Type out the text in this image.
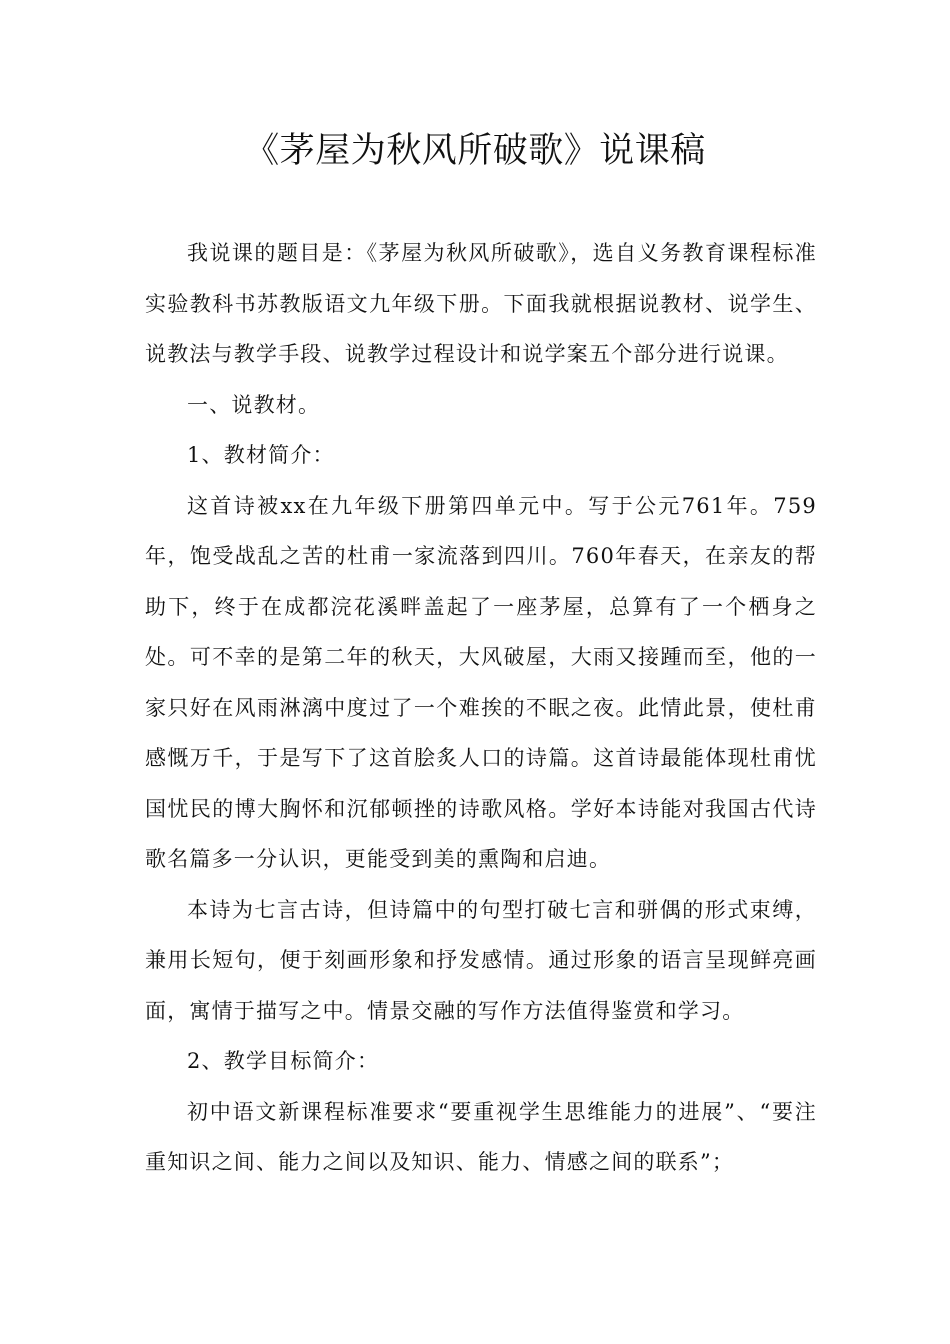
《茅屋为秋风所破歌》说课稿

我说课的题目是：《茅屋为秋风所破歌》，选自义务教育课程标准实验教科书苏教版语文九年级下册。下面我就根据说教材、说学生、说教法与教学手段、说教学过程设计和说学案五个部分进行说课。

一、说教材。

1、教材简介：

这首诗被xx在九年级下册第四单元中。写于公元761年。759年，饱受战乱之苦的杜甫一家流落到四川。760年春天，在亲友的帮助下，终于在成都浣花溪畔盖起了一座茅屋，总算有了一个栖身之处。可不幸的是第二年的秋天，大风破屋，大雨又接踵而至，他的一家只好在风雨淋漓中度过了一个难挨的不眠之夜。此情此景，使杜甫感慨万千，于是写下了这首脍炙人口的诗篇。这首诗最能体现杜甫忧国忧民的博大胸怀和沉郁顿挫的诗歌风格。学好本诗能对我国古代诗歌名篇多一分认识，更能受到美的熏陶和启迪。

本诗为七言古诗，但诗篇中的句型打破七言和骈偶的形式束缚，兼用长短句，便于刻画形象和抒发感情。通过形象的语言呈现鲜亮画面，寓情于描写之中。情景交融的写作方法值得鉴赏和学习。

2、教学目标简介：

初中语文新课程标准要求“要重视学生思维能力的进展”、“要注重知识之间、能力之间以及知识、能力、情感之间的联系”；
